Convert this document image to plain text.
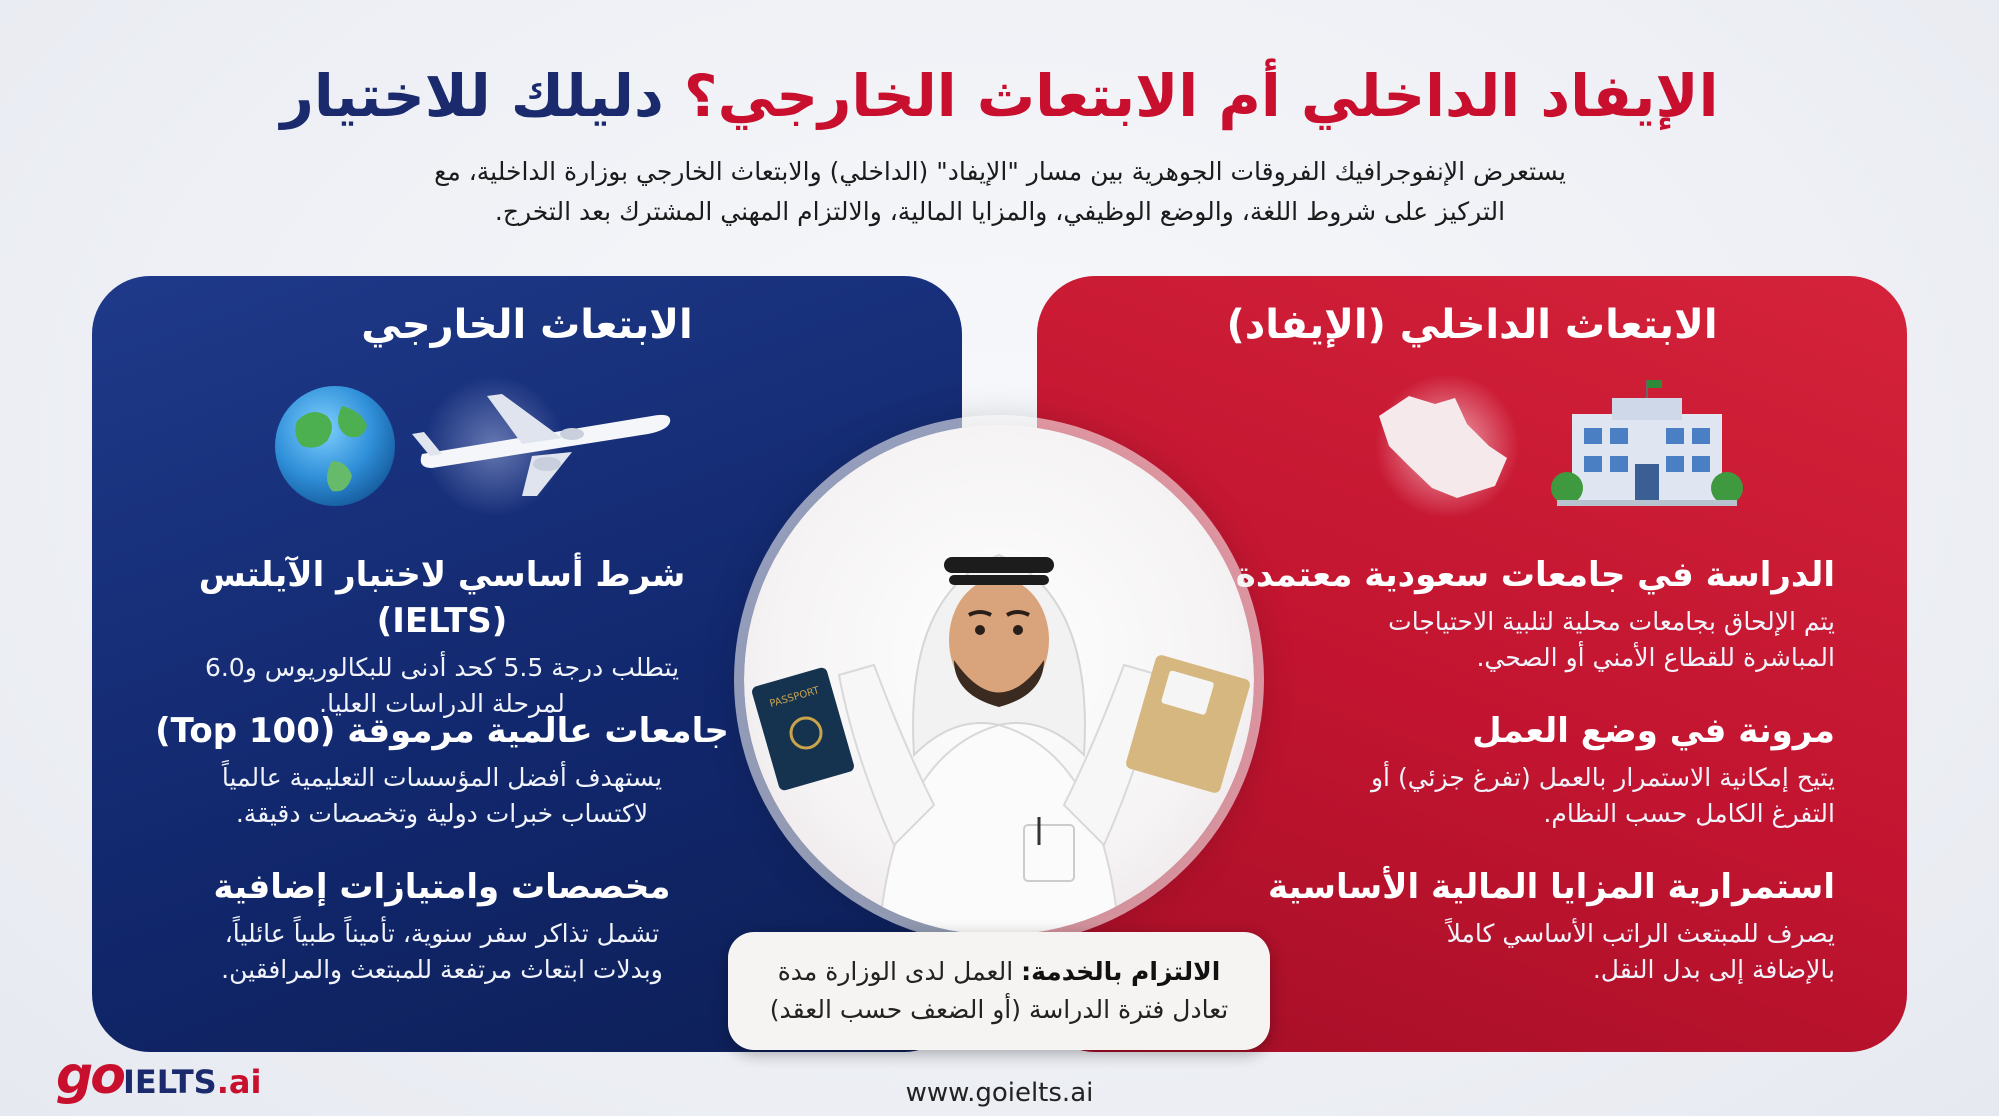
الإيفاد الداخلي أم الابتعاث الخارجي؟ دليلك للاختيار
يستعرض الإنفوجرافيك الفروقات الجوهرية بين مسار "الإيفاد" (الداخلي) والابتعاث الخارجي بوزارة الداخلية، مع
التركيز على شروط اللغة، والوضع الوظيفي، والمزايا المالية، والالتزام المهني المشترك بعد التخرج.
الابتعاث الخارجي
شرط أساسي لاختبار الآيلتس (IELTS)

يتطلب درجة 5.5 كحد أدنى للبكالوريوس و6.0
لمرحلة الدراسات العليا.

جامعات عالمية مرموقة (Top 100)

يستهدف أفضل المؤسسات التعليمية عالمياً
لاكتساب خبرات دولية وتخصصات دقيقة.

مخصصات وامتيازات إضافية

تشمل تذاكر سفر سنوية، تأميناً طبياً عائلياً،
وبدلات ابتعاث مرتفعة للمبتعث والمرافقين.

الابتعاث الداخلي (الإيفاد)
الدراسة في جامعات سعودية معتمدة

يتم الإلحاق بجامعات محلية لتلبية الاحتياجات
المباشرة للقطاع الأمني أو الصحي.

مرونة في وضع العمل

يتيح إمكانية الاستمرار بالعمل (تفرغ جزئي) أو
التفرغ الكامل حسب النظام.

استمرارية المزايا المالية الأساسية

يصرف للمبتعث الراتب الأساسي كاملاً
بالإضافة إلى بدل النقل.

PASSPORT
الالتزام بالخدمة: العمل لدى الوزارة مدة
تعادل فترة الدراسة (أو الضعف حسب العقد)
go IELTS .ai	www.goielts.ai
